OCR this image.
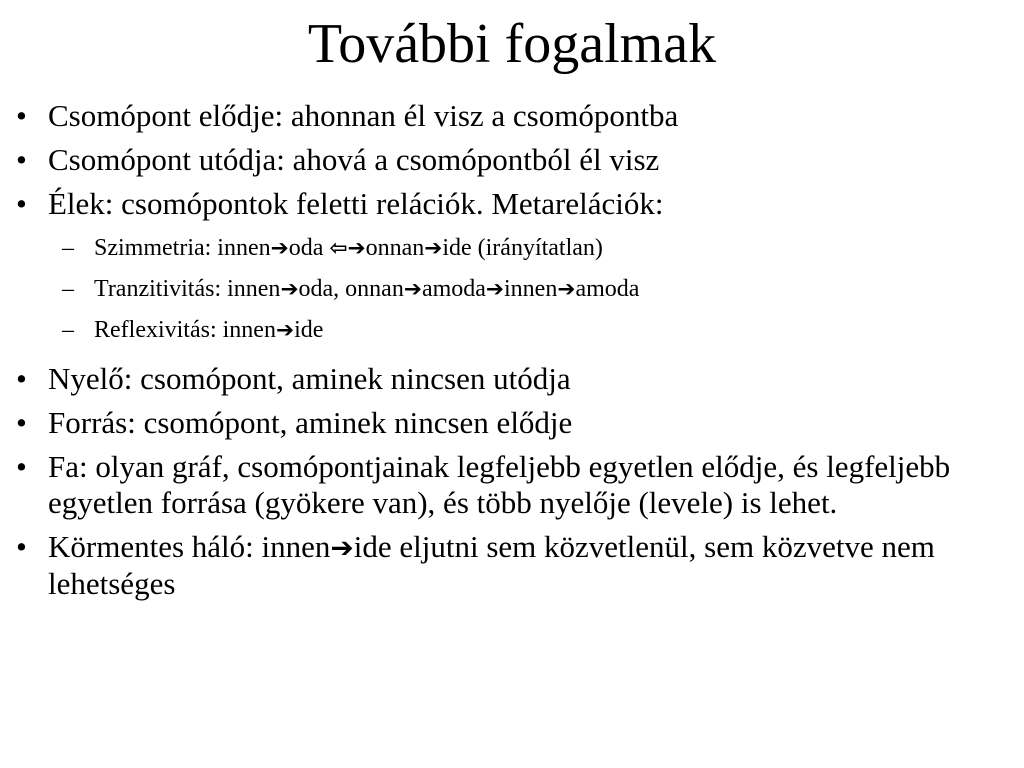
További fogalmak
• Csomópont elődje: ahonnan él visz a csomópontba
• Csomópont utódja: ahová a csomópontból él visz
• Élek: csomópontok feletti relációk. Metarelációk:
– Szimmetria: innen➔oda ⇦➔onnan➔ide (irányítatlan)
– Tranzitivitás: innen➔oda, onnan➔amoda➔innen➔amoda
– Reflexivitás: innen➔ide
• Nyelő: csomópont, aminek nincsen utódja
• Forrás: csomópont, aminek nincsen elődje
• Fa: olyan gráf, csomópontjainak legfeljebb egyetlen elődje, és legfeljebb egyetlen forrása (gyökere van), és több nyelője (levele) is lehet.
• Körmentes háló: innen➔ide eljutni sem közvetlenül, sem közvetve nem lehetséges
